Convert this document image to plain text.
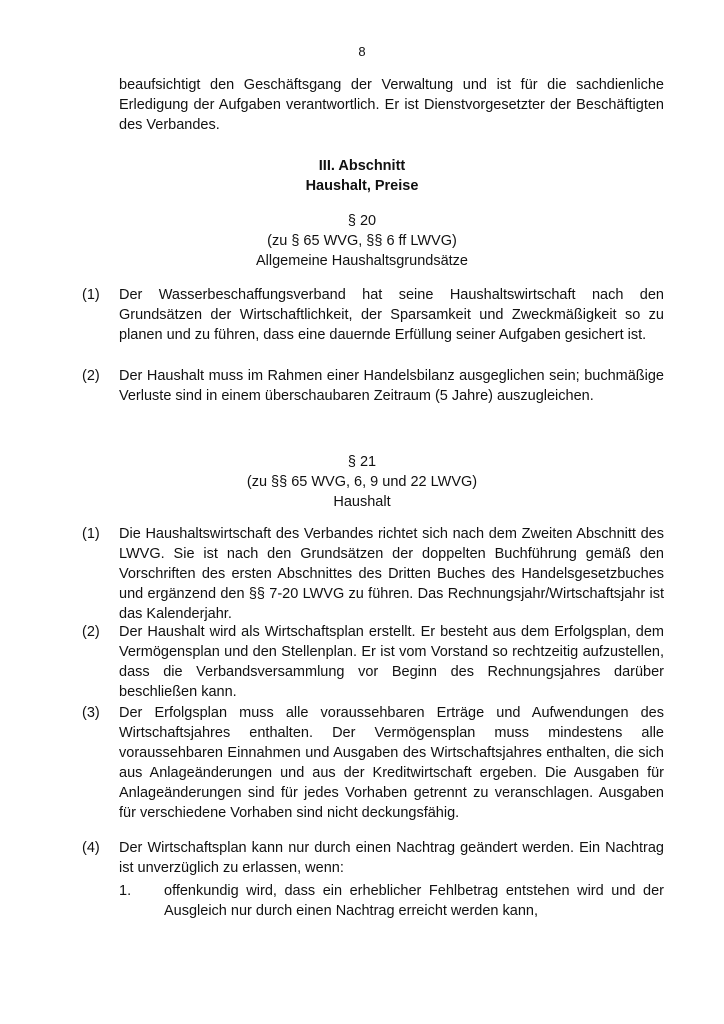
8
beaufsichtigt den Geschäftsgang der Verwaltung und ist für die sachdienliche Erledigung der Aufgaben verantwortlich. Er ist Dienstvorgesetzter der Beschäftigten des Verbandes.
III. Abschnitt
Haushalt, Preise
§ 20
(zu § 65 WVG, §§ 6 ff LWVG)
Allgemeine Haushaltsgrundsätze
(1)	Der Wasserbeschaffungsverband hat seine Haushaltswirtschaft nach den Grundsätzen der Wirtschaftlichkeit, der Sparsamkeit und Zweckmäßigkeit so zu planen und zu führen, dass eine dauernde Erfüllung seiner Aufgaben gesichert ist.
(2)	Der Haushalt muss im Rahmen einer Handelsbilanz ausgeglichen sein; buchmäßige Verluste sind in einem überschaubaren Zeitraum (5 Jahre) auszugleichen.
§ 21
(zu §§ 65 WVG, 6, 9 und 22 LWVG)
Haushalt
(1)	Die Haushaltswirtschaft des Verbandes richtet sich nach dem Zweiten Abschnitt des LWVG. Sie ist nach den Grundsätzen der doppelten Buchführung gemäß den Vorschriften des ersten Abschnittes des Dritten Buches des Handelsgesetzbuches und ergänzend den §§ 7-20 LWVG zu führen. Das Rechnungsjahr/Wirtschaftsjahr ist das Kalenderjahr.
(2)	Der Haushalt wird als Wirtschaftsplan erstellt. Er besteht aus dem Erfolgsplan, dem Vermögensplan und den Stellenplan. Er ist vom Vorstand so rechtzeitig aufzustellen, dass die Verbandsversammlung vor Beginn des Rechnungsjahres darüber beschließen kann.
(3)	Der Erfolgsplan muss alle voraussehbaren Erträge und Aufwendungen des Wirtschaftsjahres enthalten. Der Vermögensplan muss mindestens alle voraussehbaren Einnahmen und Ausgaben des Wirtschaftsjahres enthalten, die sich aus Anlageänderungen und aus der Kreditwirtschaft ergeben. Die Ausgaben für Anlageänderungen sind für jedes Vorhaben getrennt zu veranschlagen. Ausgaben für verschiedene Vorhaben sind nicht deckungsfähig.
(4)	Der Wirtschaftsplan kann nur durch einen Nachtrag geändert werden. Ein Nachtrag ist unverzüglich zu erlassen, wenn:
1.	offenkundig wird, dass ein erheblicher Fehlbetrag entstehen wird und der Ausgleich nur durch einen Nachtrag erreicht werden kann,
